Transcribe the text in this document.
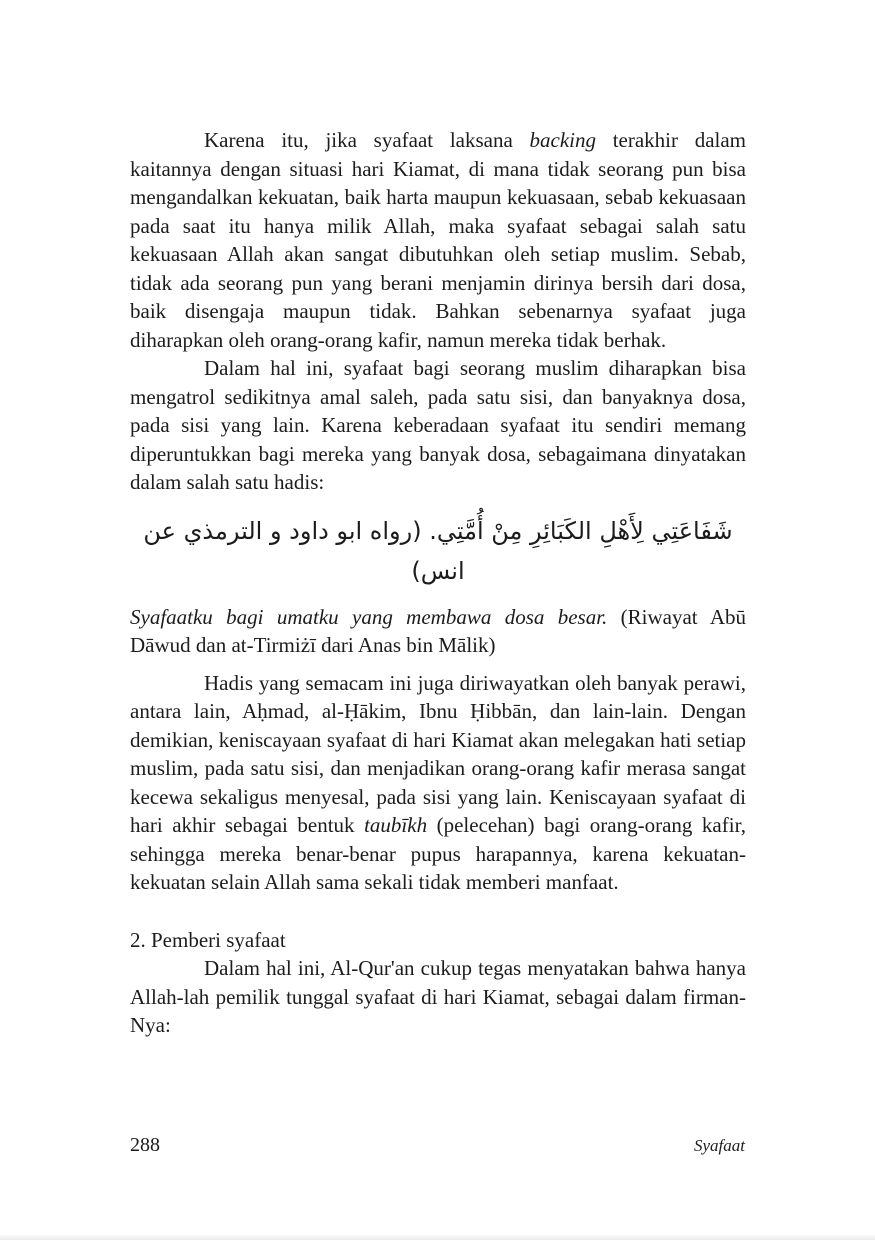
Karena itu, jika syafaat laksana backing terakhir dalam kaitannya dengan situasi hari Kiamat, di mana tidak seorang pun bisa mengandalkan kekuatan, baik harta maupun kekuasaan, sebab kekuasaan pada saat itu hanya milik Allah, maka syafaat sebagai salah satu kekuasaan Allah akan sangat dibutuhkan oleh setiap muslim. Sebab, tidak ada seorang pun yang berani menjamin dirinya bersih dari dosa, baik disengaja maupun tidak. Bahkan sebenarnya syafaat juga diharapkan oleh orang-orang kafir, namun mereka tidak berhak.

Dalam hal ini, syafaat bagi seorang muslim diharapkan bisa mengatrol sedikitnya amal saleh, pada satu sisi, dan banyaknya dosa, pada sisi yang lain. Karena keberadaan syafaat itu sendiri memang diperuntukkan bagi mereka yang banyak dosa, sebagaimana dinyatakan dalam salah satu hadis:

شَفَاعَتِي لِأَهْلِ الكَبَائِرِ مِنْ أُمَّتِي. (رواه ابو داود و الترمذي عن انس)

Syafaatku bagi umatku yang membawa dosa besar. (Riwayat Abū Dāwud dan at-Tirmiżī dari Anas bin Mālik)

Hadis yang semacam ini juga diriwayatkan oleh banyak perawi, antara lain, Aḥmad, al-Ḥākim, Ibnu Ḥibbān, dan lain-lain. Dengan demikian, keniscayaan syafaat di hari Kiamat akan melegakan hati setiap muslim, pada satu sisi, dan menjadikan orang-orang kafir merasa sangat kecewa sekaligus menyesal, pada sisi yang lain. Keniscayaan syafaat di hari akhir sebagai bentuk taubīkh (pelecehan) bagi orang-orang kafir, sehingga mereka benar-benar pupus harapannya, karena kekuatan-kekuatan selain Allah sama sekali tidak memberi manfaat.

2. Pemberi syafaat

Dalam hal ini, Al-Qur'an cukup tegas menyatakan bahwa hanya Allah-lah pemilik tunggal syafaat di hari Kiamat, sebagai dalam firman-Nya:

288	Syafaat
